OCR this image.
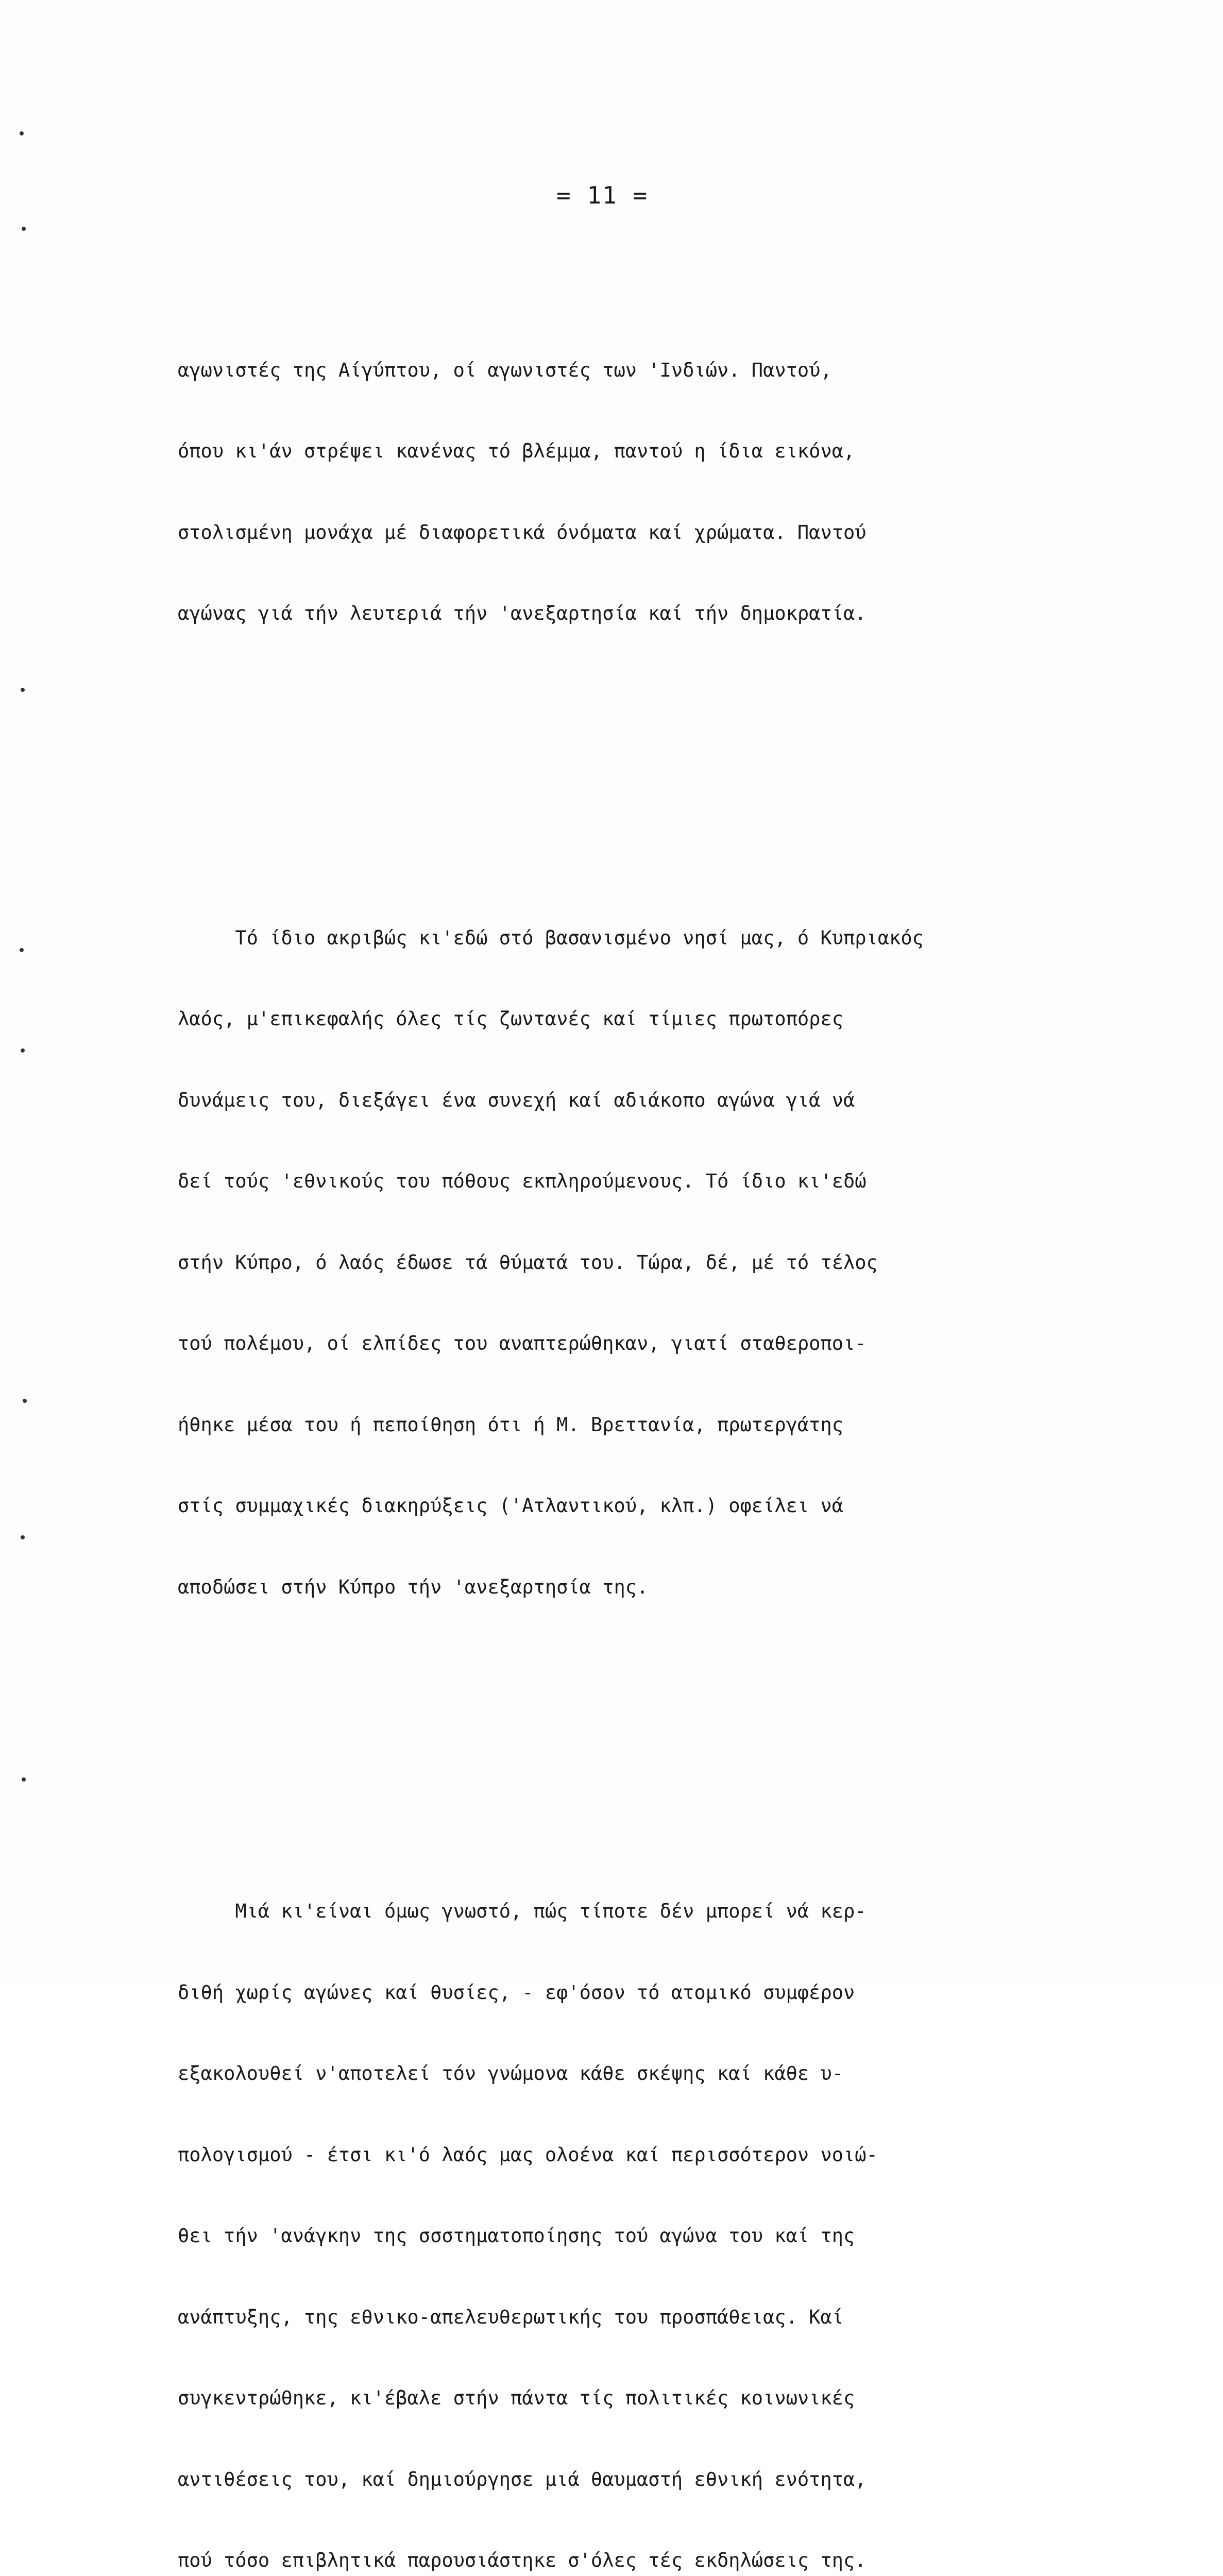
= 11 =

αγωνιστές της Αίγύπτου, οί αγωνιστές των 'Ινδιών. Παντού,

όπου κι'άν στρέψει κανένας τό βλέμμα, παντού η ίδια εικόνα,

στολισμένη μονάχα μέ διαφορετικά όνόματα καί χρώματα. Παντού

αγώνας γιά τήν λευτεριά τήν 'ανεξαρτησία καί τήν δημοκρατία.

Τό ίδιο ακριβώς κι'εδώ στό βασανισμένο νησί μας, ό Κυπριακός

λαός, μ'επικεφαλής όλες τίς ζωντανές καί τίμιες πρωτοπόρες

δυνάμεις του, διεξάγει ένα συνεχή καί αδιάκοπο αγώνα γιά νά

δεί τούς 'εθνικούς του πόθους εκπληρούμενους. Τό ίδιο κι'εδώ

στήν Κύπρο, ό λαός έδωσε τά θύματά του. Τώρα, δέ, μέ τό τέλος

τού πολέμου, οί ελπίδες του αναπτερώθηκαν, γιατί σταθεροποι-

ήθηκε μέσα του ή πεποίθηση ότι ή Μ. Βρεττανία, πρωτεργάτης

στίς συμμαχικές διακηρύξεις ('Ατλαντικού, κλπ.) οφείλει νά

αποδώσει στήν Κύπρο τήν 'ανεξαρτησία της.

Μιά κι'είναι όμως γνωστό, πώς τίποτε δέν μπορεί νά κερ-

διθή χωρίς αγώνες καί θυσίες, - εφ'όσον τό ατομικό συμφέρον

εξακολουθεί ν'αποτελεί τόν γνώμονα κάθε σκέψης καί κάθε υ-

πολογισμού - έτσι κι'ό λαός μας ολοένα καί περισσότερον νοιώ-

θει τήν 'ανάγκην της σσστηματοποίησης τού αγώνα του καί της

ανάπτυξης, της εθνικο-απελευθερωτικής του προσπάθειας. Καί

συγκεντρώθηκε, κι'έβαλε στήν πάντα τίς πολιτικές κοινωνικές

αντιθέσεις του, καί δημιούργησε μιά θαυμαστή εθνική ενότητα,

πού τόσο επιβλητικά παρουσιάστηκε σ'όλες τές εκδηλώσεις της.
